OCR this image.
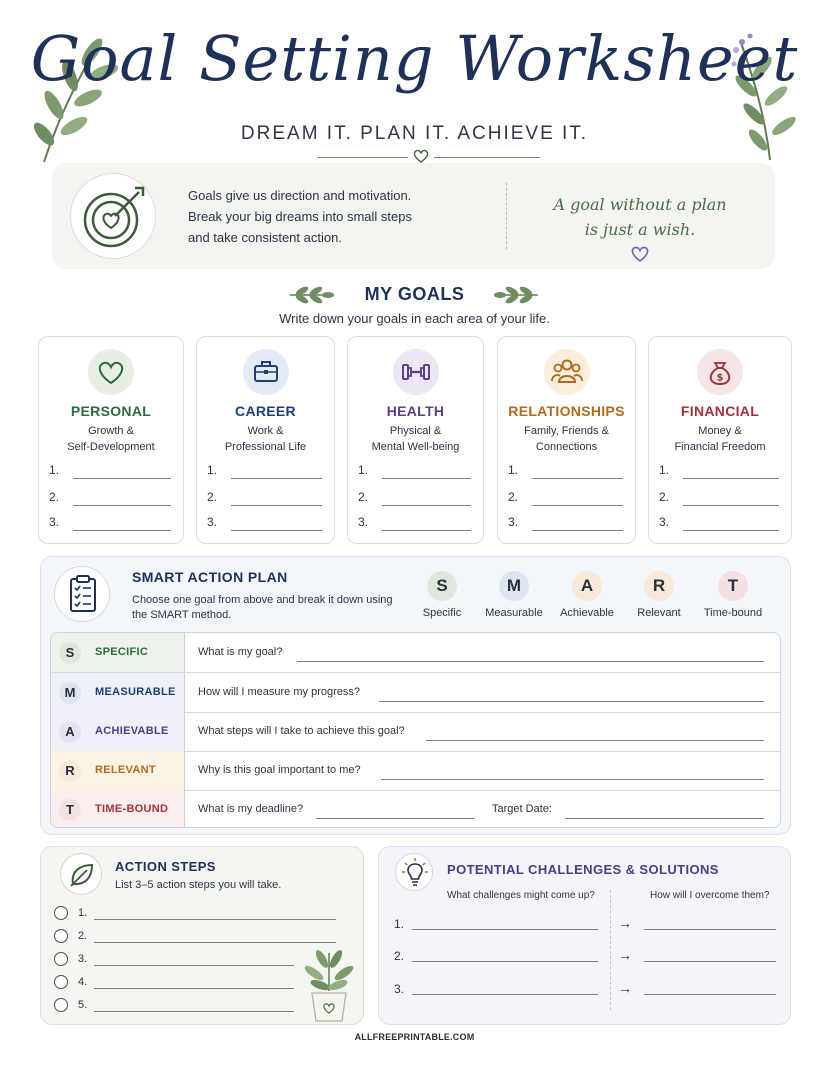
Goal Setting Worksheet
DREAM IT. PLAN IT. ACHIEVE IT.
Goals give us direction and motivation.
Break your big dreams into small steps
and take consistent action.
A goal without a plan
is just a wish.
MY GOALS
Write down your goals in each area of your life.
PERSONAL
Growth &
Self-Development
1.
2.
3.
CAREER
Work &
Professional Life
1.
2.
3.
HEALTH
Physical &
Mental Well-being
1.
2.
3.
RELATIONSHIPS
Family, Friends &
Connections
1.
2.
3.
$
FINANCIAL
Money &
Financial Freedom
1.
2.
3.
SMART ACTION PLAN
Choose one goal from above and break it down using the SMART method.
S
Specific
M
Measurable
A
Achievable
R
Relevant
T
Time-bound
S	SPECIFIC	What is my goal?
M	MEASURABLE How will I measure my progress?
A	ACHIEVABLE	What steps will I take to achieve this goal?
R	RELEVANT	Why is this goal important to me?
T	TIME-BOUND	What is my deadline?	Target Date:
ACTION STEPS
List 3–5 action steps you will take.
1.
2.
3.
4.
5.
POTENTIAL CHALLENGES & SOLUTIONS
What challenges might come up?	How will I overcome them?
1.	→
2.	→
3.	→
ALLFREEPRINTABLE.COM
